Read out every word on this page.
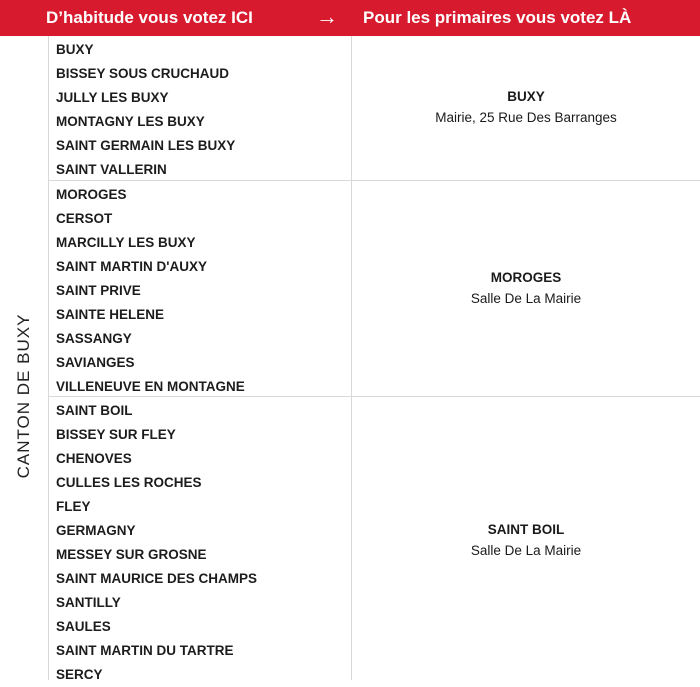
D’habitude vous votez ICI	→ Pour les primaires vous votez LÀ
CANTON DE BUXY
BUXY
BISSEY SOUS CRUCHAUD
JULLY LES BUXY
MONTAGNY LES BUXY
SAINT GERMAIN LES BUXY
SAINT VALLERIN
BUXY
Mairie, 25 Rue Des Barranges
MOROGES
CERSOT
MARCILLY LES BUXY
SAINT MARTIN D'AUXY
SAINT PRIVE
SAINTE HELENE
SASSANGY
SAVIANGES
VILLENEUVE EN MONTAGNE
MOROGES
Salle De La Mairie
SAINT BOIL
BISSEY SUR FLEY
CHENOVES
CULLES LES ROCHES
FLEY
GERMAGNY
MESSEY SUR GROSNE
SAINT MAURICE DES CHAMPS
SANTILLY
SAULES
SAINT MARTIN DU TARTRE
SERCY
SAINT BOIL
Salle De La Mairie
